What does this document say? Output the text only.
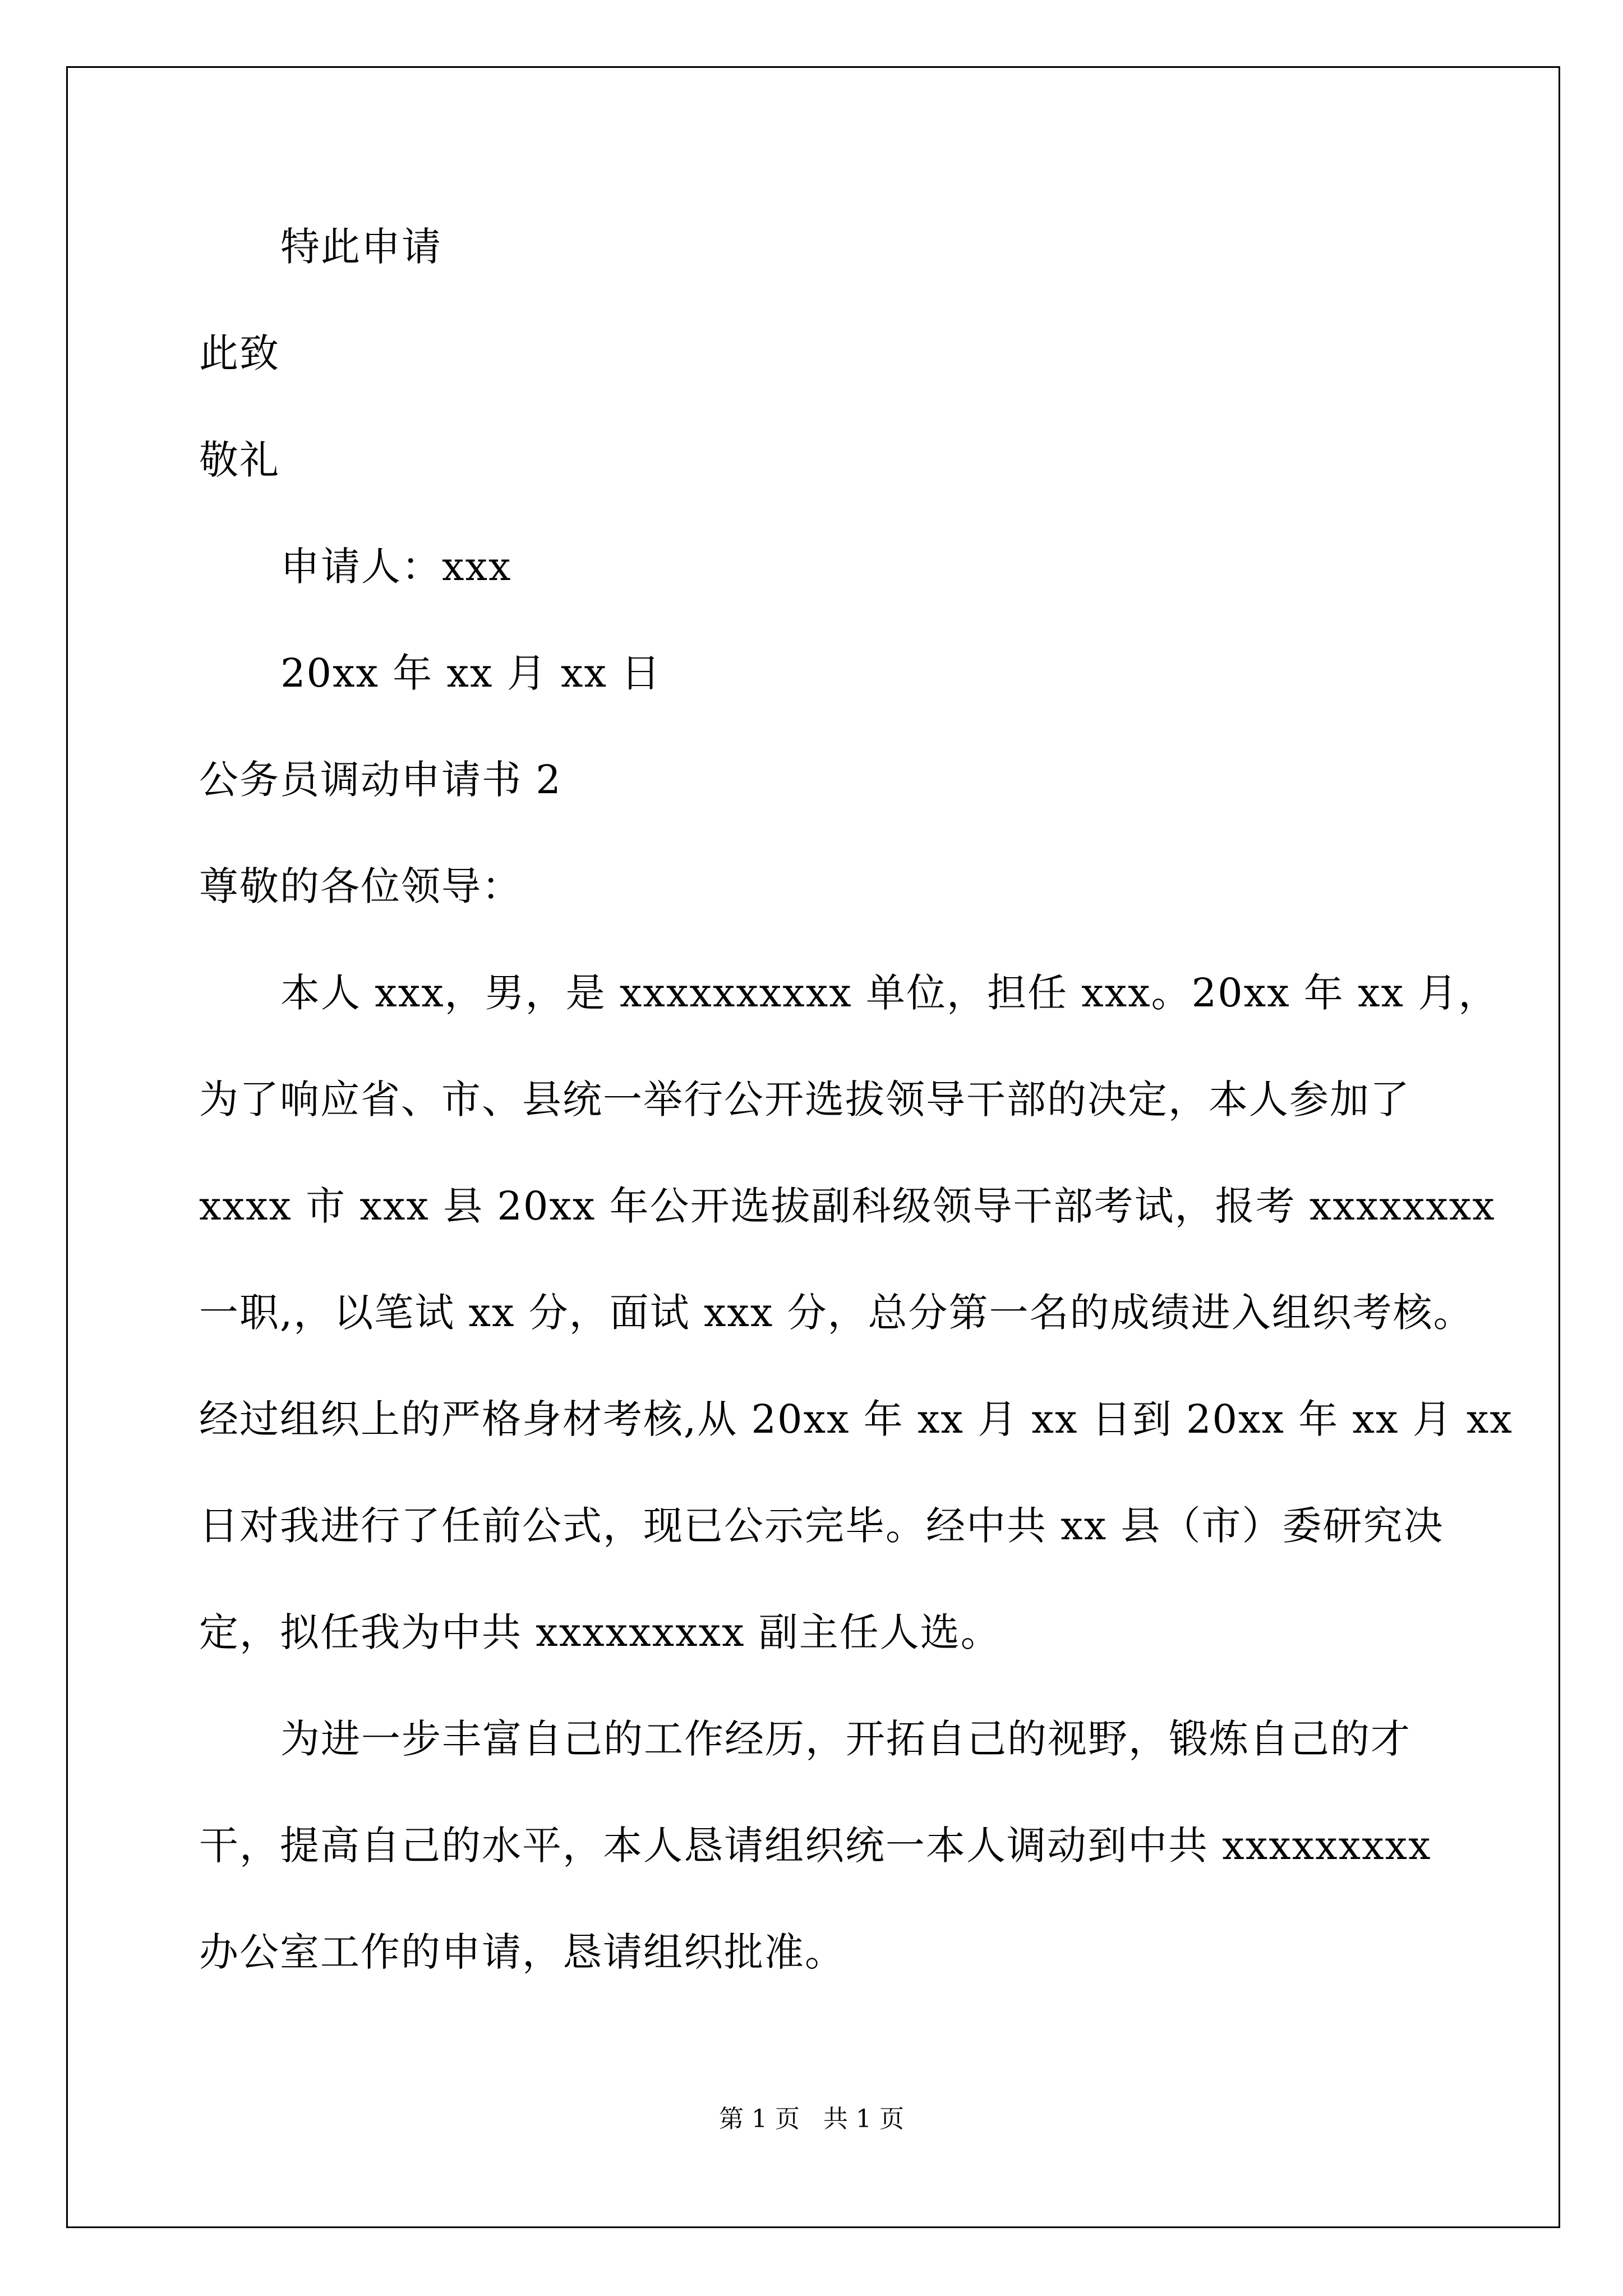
特此申请
此致
敬礼
申请人：xxx
20xx 年 xx 月 xx 日
公务员调动申请书 2
尊敬的各位领导：
本人 xxx，男，是 xxxxxxxxxx 单位，担任 xxx。20xx 年 xx 月，
为了响应省、市、县统一举行公开选拔领导干部的决定，本人参加了
xxxx 市 xxx 县 20xx 年公开选拔副科级领导干部考试，报考 xxxxxxxx
一职,，以笔试 xx 分，面试 xxx 分，总分第一名的成绩进入组织考核。
经过组织上的严格身材考核,从 20xx 年 xx 月 xx 日到 20xx 年 xx 月 xx
日对我进行了任前公式，现已公示完毕。经中共 xx 县（市）委研究决
定，拟任我为中共 xxxxxxxxx 副主任人选。
为进一步丰富自己的工作经历，开拓自己的视野，锻炼自己的才
干，提高自己的水平，本人恳请组织统一本人调动到中共 xxxxxxxxx
办公室工作的申请，恳请组织批准。
第 1 页   共 1 页
